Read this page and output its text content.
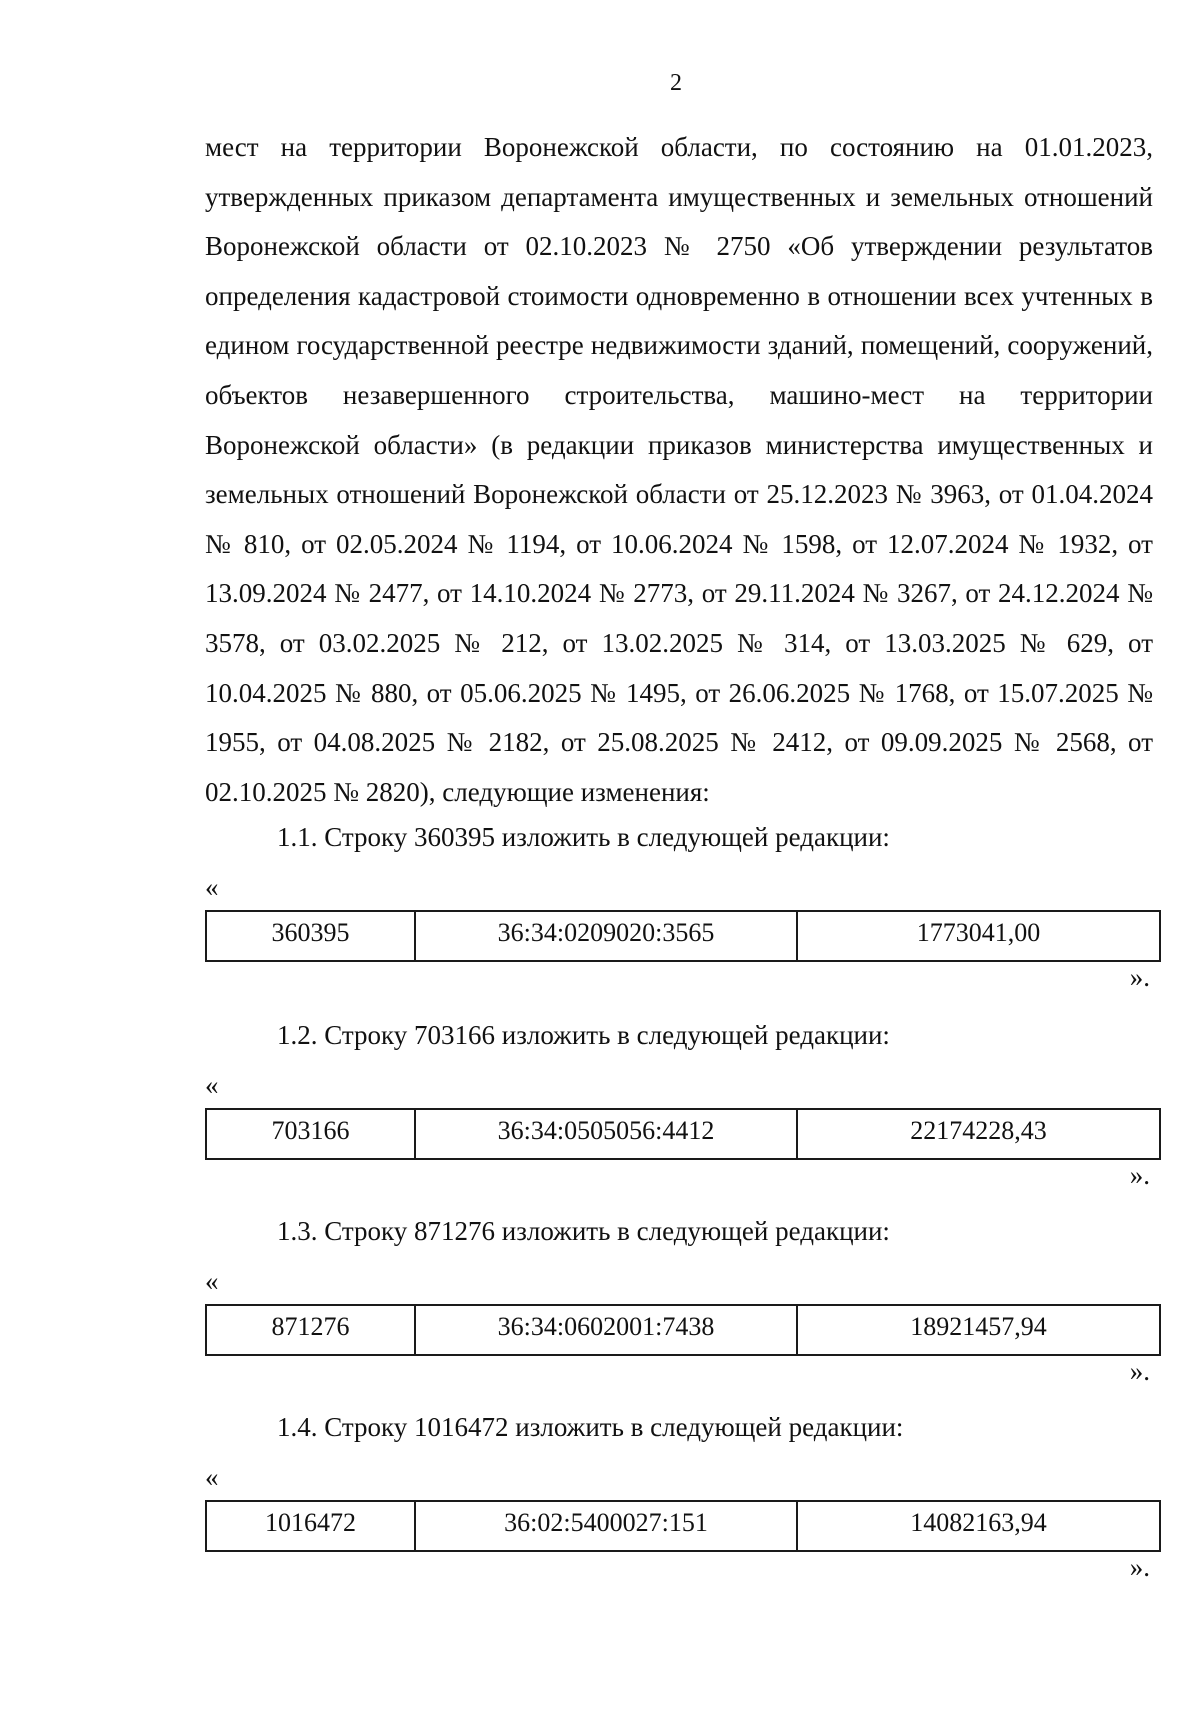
2

мест на территории Воронежской области, по состоянию на 01.01.2023, утвержденных приказом департамента имущественных и земельных отношений Воронежской области от 02.10.2023 № 2750 «Об утверждении результатов определения кадастровой стоимости одновременно в отношении всех учтенных в едином государственной реестре недвижимости зданий, помещений, сооружений, объектов незавершенного строительства, машино-мест на территории Воронежской области» (в редакции приказов министерства имущественных и земельных отношений Воронежской области от 25.12.2023 № 3963, от 01.04.2024 № 810, от 02.05.2024 № 1194, от 10.06.2024 № 1598, от 12.07.2024 № 1932, от 13.09.2024 № 2477, от 14.10.2024 № 2773, от 29.11.2024 № 3267, от 24.12.2024 № 3578, от 03.02.2025 № 212, от 13.02.2025 № 314, от 13.03.2025 № 629, от 10.04.2025 № 880, от 05.06.2025 № 1495, от 26.06.2025 № 1768, от 15.07.2025 № 1955, от 04.08.2025 № 2182, от 25.08.2025 № 2412, от 09.09.2025 № 2568, от 02.10.2025 № 2820), следующие изменения:

1.1. Строку 360395 изложить в следующей редакции:
«
360395	36:34:0209020:3565	1773041,00
».
1.2. Строку 703166 изложить в следующей редакции:
«
703166	36:34:0505056:4412	22174228,43
».
1.3. Строку 871276 изложить в следующей редакции:
«
871276	36:34:0602001:7438	18921457,94
».
1.4. Строку 1016472 изложить в следующей редакции:
«
1016472	36:02:5400027:151	14082163,94
».
